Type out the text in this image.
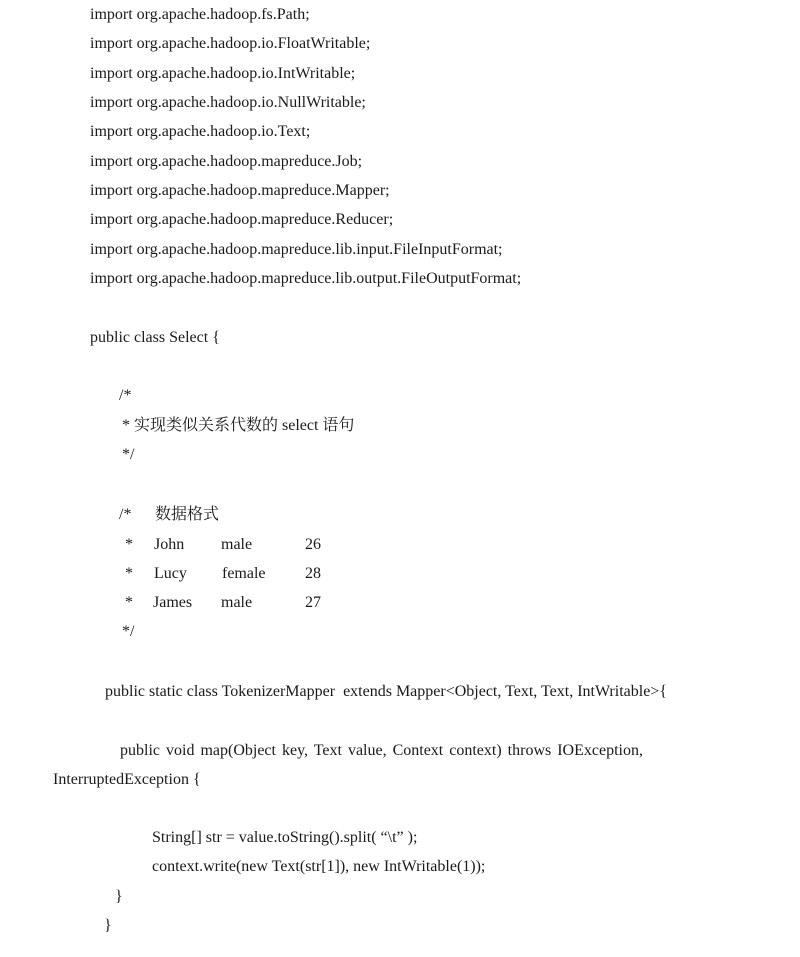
import org.apache.hadoop.fs.Path;
import org.apache.hadoop.io.FloatWritable;
import org.apache.hadoop.io.IntWritable;
import org.apache.hadoop.io.NullWritable;
import org.apache.hadoop.io.Text;
import org.apache.hadoop.mapreduce.Job;
import org.apache.hadoop.mapreduce.Mapper;
import org.apache.hadoop.mapreduce.Reducer;
import org.apache.hadoop.mapreduce.lib.input.FileInputFormat;
import org.apache.hadoop.mapreduce.lib.output.FileOutputFormat;
public class Select {
/*
* 实现类似关系代数的 select 语句
*/
/* 数据格式
* John male	26
* Lucy female 28
* James male	27
*/
public static class TokenizerMapper  extends Mapper<Object, Text, Text, IntWritable>{
public void map(Object key, Text value, Context context) throws IOException,
InterruptedException {
String[] str = value.toString().split( “\t” );
context.write(new Text(str[1]), new IntWritable(1));
}
}
